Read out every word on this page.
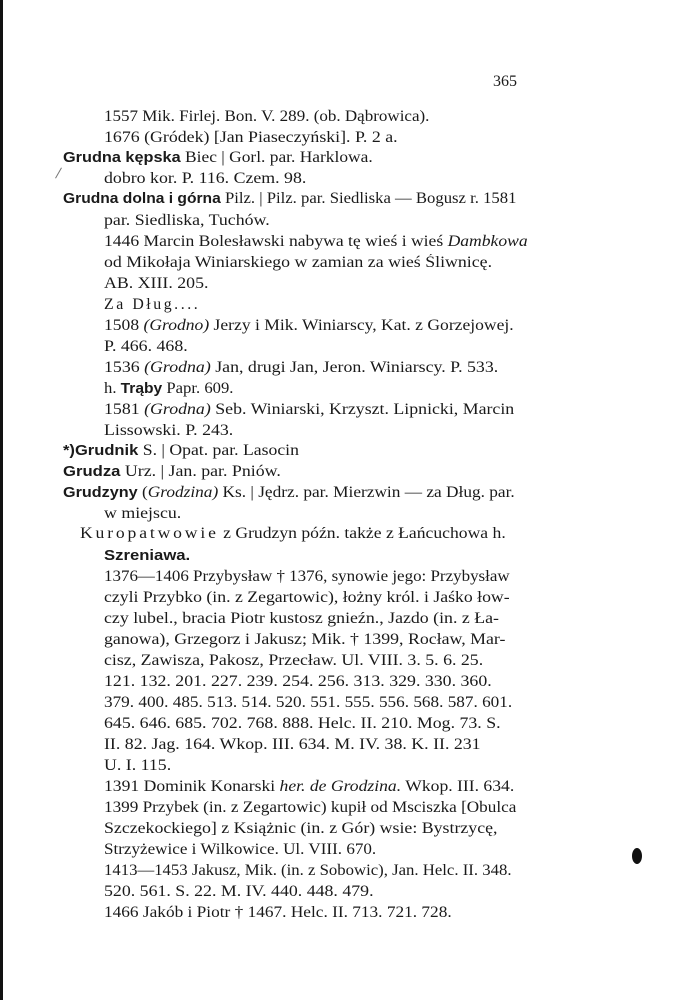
365
1557 Mik. Firlej. Bon. V. 289. (ob. Dąbrowica).
1676 (Gródek) [Jan Piaseczyński]. P. 2 a.
Grudna kępska Biec | Gorl. par. Harklowa.
dobro kor. P. 116. Czem. 98.
Grudna dolna i górna Pilz. | Pilz. par. Siedliska — Bogusz r. 1581
par. Siedliska, Tuchów.
1446 Marcin Bolesławski nabywa tę wieś i wieś Dambkowa
od Mikołaja Winiarskiego w zamian za wieś Śliwnicę.
AB. XIII. 205.
Za Dług....
1508 (Grodno) Jerzy i Mik. Winiarscy, Kat. z Gorzejowej.
P. 466. 468.
1536 (Grodna) Jan, drugi Jan, Jeron. Winiarscy. P. 533.
h. Trąby Papr. 609.
1581 (Grodna) Seb. Winiarski, Krzyszt. Lipnicki, Marcin
Lissowski. P. 243.
*)Grudnik S. | Opat. par. Lasocin
Grudza Urz. | Jan. par. Pniów.
Grudzyny (Grodzina) Ks. | Jędrz. par. Mierzwin — za Dług. par.
w miejscu.
Kuropatwowie z Grudzyn późn. także z Łańcuchowa h.
Szreniawa.
1376—1406 Przybysław † 1376, synowie jego: Przybysław
czyli Przybko (in. z Zegartowic), łożny król. i Jaśko łow-
czy lubel., bracia Piotr kustosz gnieźn., Jazdo (in. z Ła-
ganowa), Grzegorz i Jakusz; Mik. † 1399, Rocław, Mar-
cisz, Zawisza, Pakosz, Przecław. Ul. VIII. 3. 5. 6. 25.
121. 132. 201. 227. 239. 254. 256. 313. 329. 330. 360.
379. 400. 485. 513. 514. 520. 551. 555. 556. 568. 587. 601.
645. 646. 685. 702. 768. 888. Helc. II. 210. Mog. 73. S.
II. 82. Jag. 164. Wkop. III. 634. M. IV. 38. K. II. 231
U. I. 115.
1391 Dominik Konarski her. de Grodzina. Wkop. III. 634.
1399 Przybek (in. z Zegartowic) kupił od Msciszka [Obulca
Szczekockiego] z Książnic (in. z Gór) wsie: Bystrzycę,
Strzyżewice i Wilkowice. Ul. VIII. 670.
1413—1453 Jakusz, Mik. (in. z Sobowic), Jan. Helc. II. 348.
520. 561. S. 22. M. IV. 440. 448. 479.
1466 Jakób i Piotr † 1467. Helc. II. 713. 721. 728.
